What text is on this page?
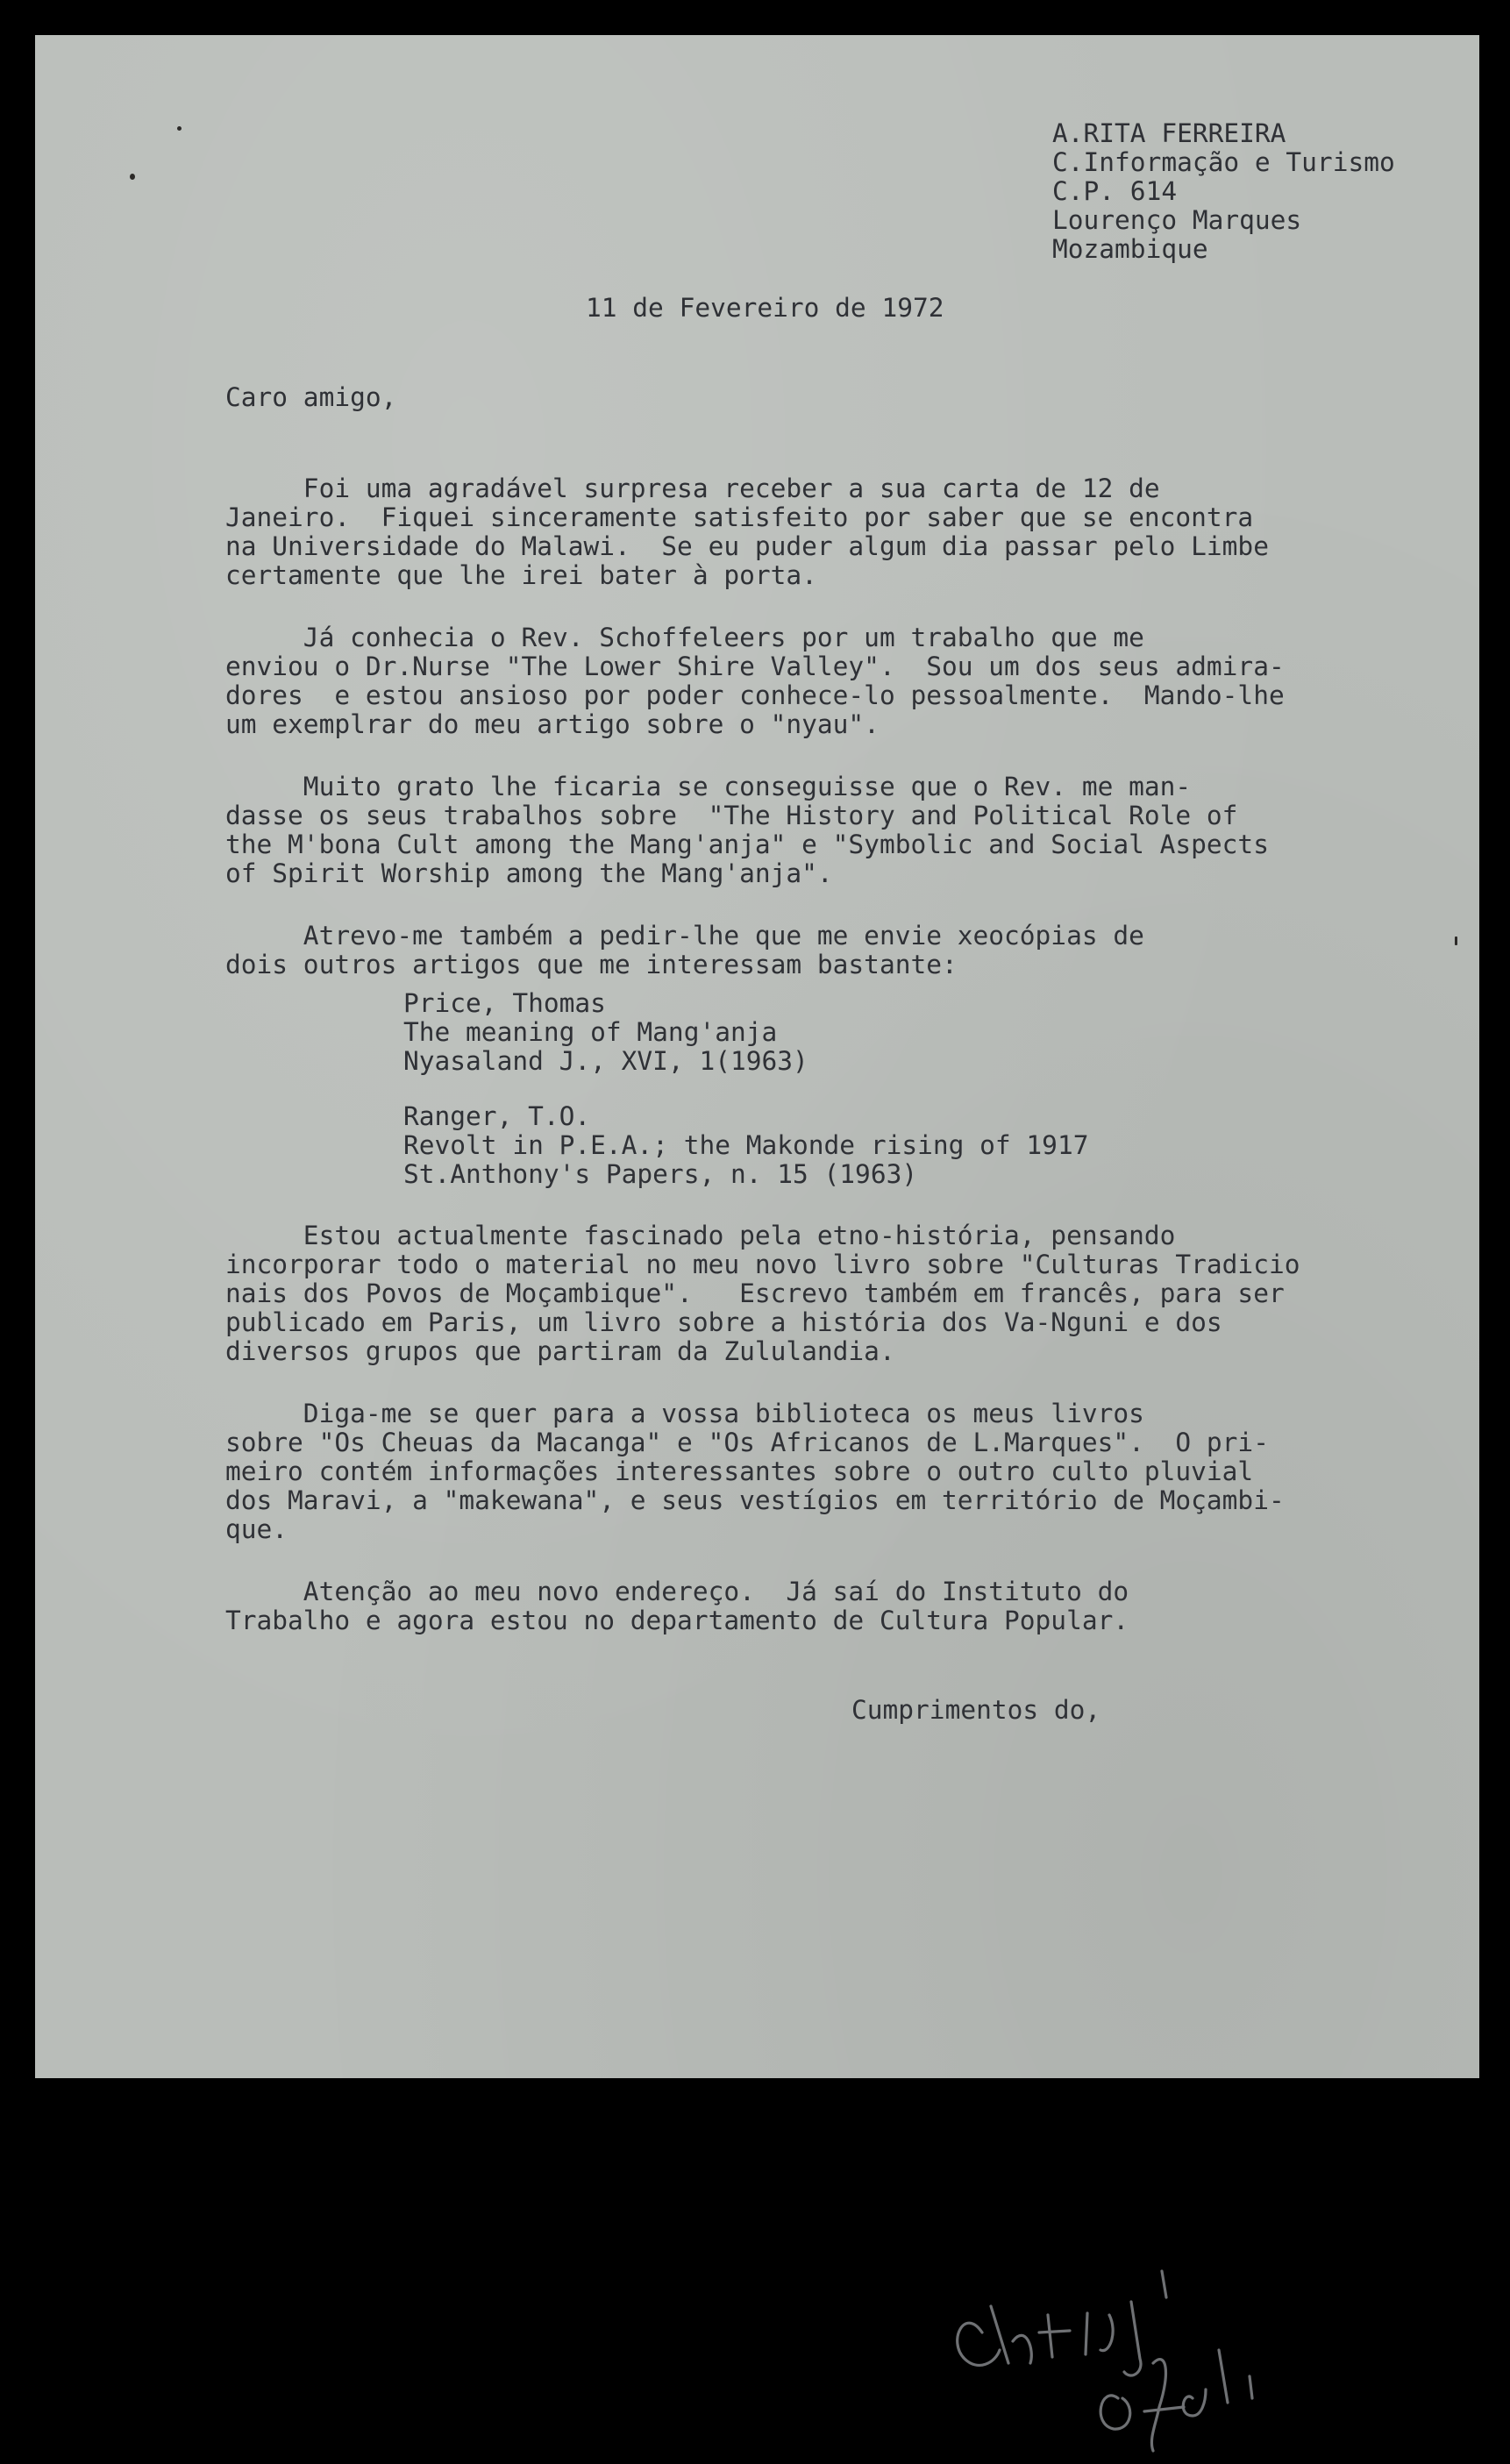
A.RITA FERREIRA
C.Informação e Turismo
C.P. 614
Lourenço Marques
Mozambique
11 de Fevereiro de 1972
Caro amigo,
Foi uma agradável surpresa receber a sua carta de 12 de
Janeiro.  Fiquei sinceramente satisfeito por saber que se encontra
na Universidade do Malawi.  Se eu puder algum dia passar pelo Limbe
certamente que lhe irei bater à porta.
Já conhecia o Rev. Schoffeleers por um trabalho que me
enviou o Dr.Nurse "The Lower Shire Valley".  Sou um dos seus admira-
dores  e estou ansioso por poder conhece-lo pessoalmente.  Mando-lhe
um exemplrar do meu artigo sobre o "nyau".
Muito grato lhe ficaria se conseguisse que o Rev. me man-
dasse os seus trabalhos sobre  "The History and Political Role of
the M'bona Cult among the Mang'anja" e "Symbolic and Social Aspects
of Spirit Worship among the Mang'anja".
Atrevo-me também a pedir-lhe que me envie xeocópias de
dois outros artigos que me interessam bastante:
Price, Thomas
The meaning of Mang'anja
Nyasaland J., XVI, 1(1963)
Ranger, T.O.
Revolt in P.E.A.; the Makonde rising of 1917
St.Anthony's Papers, n. 15 (1963)
Estou actualmente fascinado pela etno-história, pensando
incorporar todo o material no meu novo livro sobre "Culturas Tradicio
nais dos Povos de Moçambique".   Escrevo também em francês, para ser
publicado em Paris, um livro sobre a história dos Va-Nguni e dos
diversos grupos que partiram da Zululandia.
Diga-me se quer para a vossa biblioteca os meus livros
sobre "Os Cheuas da Macanga" e "Os Africanos de L.Marques".  O pri-
meiro contém informações interessantes sobre o outro culto pluvial
dos Maravi, a "makewana", e seus vestígios em território de Moçambi-
que.
Atenção ao meu novo endereço.  Já saí do Instituto do
Trabalho e agora estou no departamento de Cultura Popular.
Cumprimentos do,
